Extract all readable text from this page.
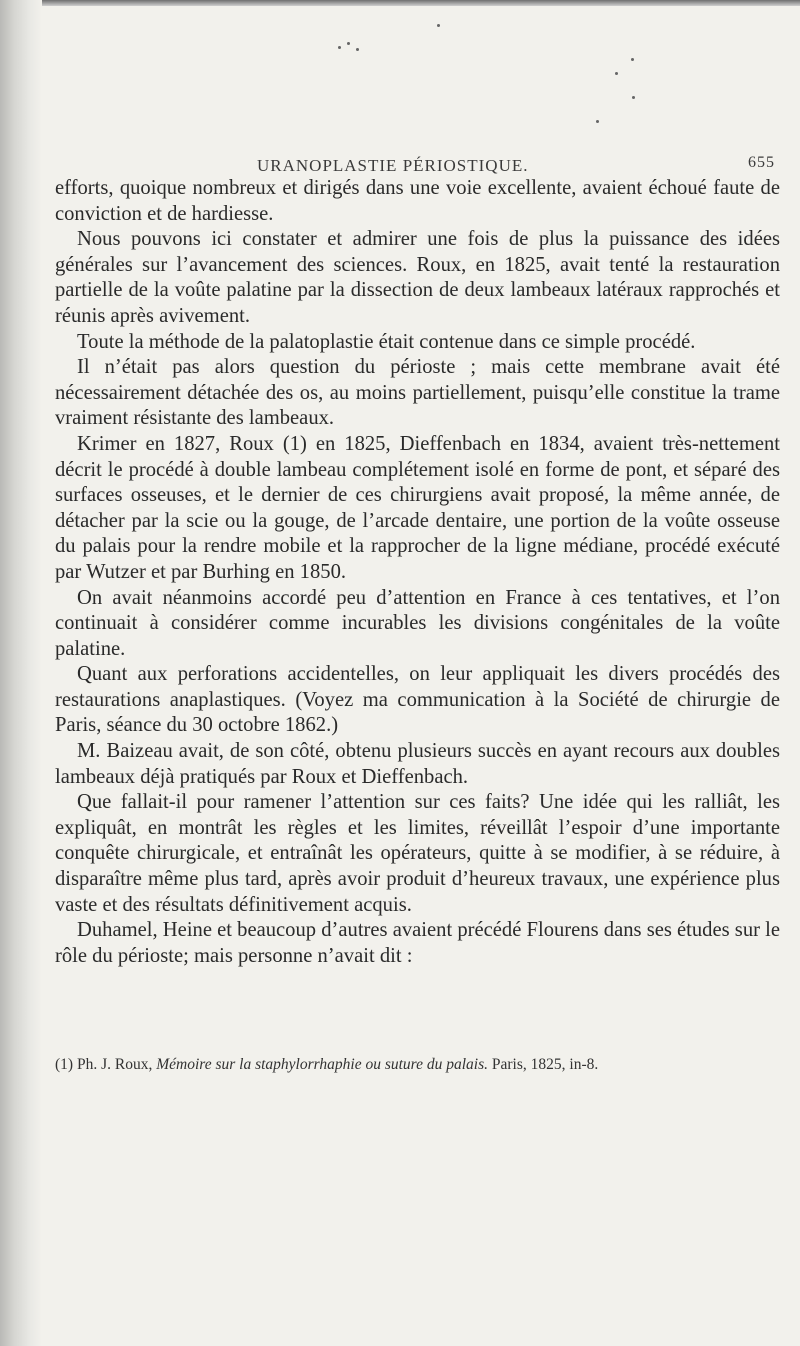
URANOPLASTIE PÉRIOSTIQUE.	655

efforts, quoique nombreux et dirigés dans une voie excellente, avaient échoué faute de conviction et de hardiesse.

Nous pouvons ici constater et admirer une fois de plus la puissance des idées générales sur l’avancement des sciences. Roux, en 1825, avait tenté la restauration partielle de la voûte palatine par la dissection de deux lambeaux latéraux rapprochés et réunis après avivement.

Toute la méthode de la palatoplastie était contenue dans ce simple procédé.

Il n’était pas alors question du périoste ; mais cette membrane avait été nécessairement détachée des os, au moins partiellement, puisqu’elle constitue la trame vraiment résistante des lambeaux.

Krimer en 1827, Roux (1) en 1825, Dieffenbach en 1834, avaient très-nettement décrit le procédé à double lambeau complétement isolé en forme de pont, et séparé des surfaces osseuses, et le dernier de ces chirurgiens avait proposé, la même année, de détacher par la scie ou la gouge, de l’arcade dentaire, une portion de la voûte osseuse du palais pour la rendre mobile et la rapprocher de la ligne médiane, procédé exécuté par Wutzer et par Burhing en 1850.

On avait néanmoins accordé peu d’attention en France à ces tentatives, et l’on continuait à considérer comme incurables les divisions congénitales de la voûte palatine.

Quant aux perforations accidentelles, on leur appliquait les divers procédés des restaurations anaplastiques. (Voyez ma communication à la Société de chirurgie de Paris, séance du 30 octobre 1862.)

M. Baizeau avait, de son côté, obtenu plusieurs succès en ayant recours aux doubles lambeaux déjà pratiqués par Roux et Dieffenbach.

Que fallait-il pour ramener l’attention sur ces faits? Une idée qui les ralliât, les expliquât, en montrât les règles et les limites, réveillât l’espoir d’une importante conquête chirurgicale, et entraînât les opérateurs, quitte à se modifier, à se réduire, à disparaître même plus tard, après avoir produit d’heureux travaux, une expérience plus vaste et des résultats définitivement acquis.

Duhamel, Heine et beaucoup d’autres avaient précédé Flourens dans ses études sur le rôle du périoste; mais personne n’avait dit :

(1) Ph. J. Roux, Mémoire sur la staphylorrhaphie ou suture du palais. Paris, 1825, in-8.
